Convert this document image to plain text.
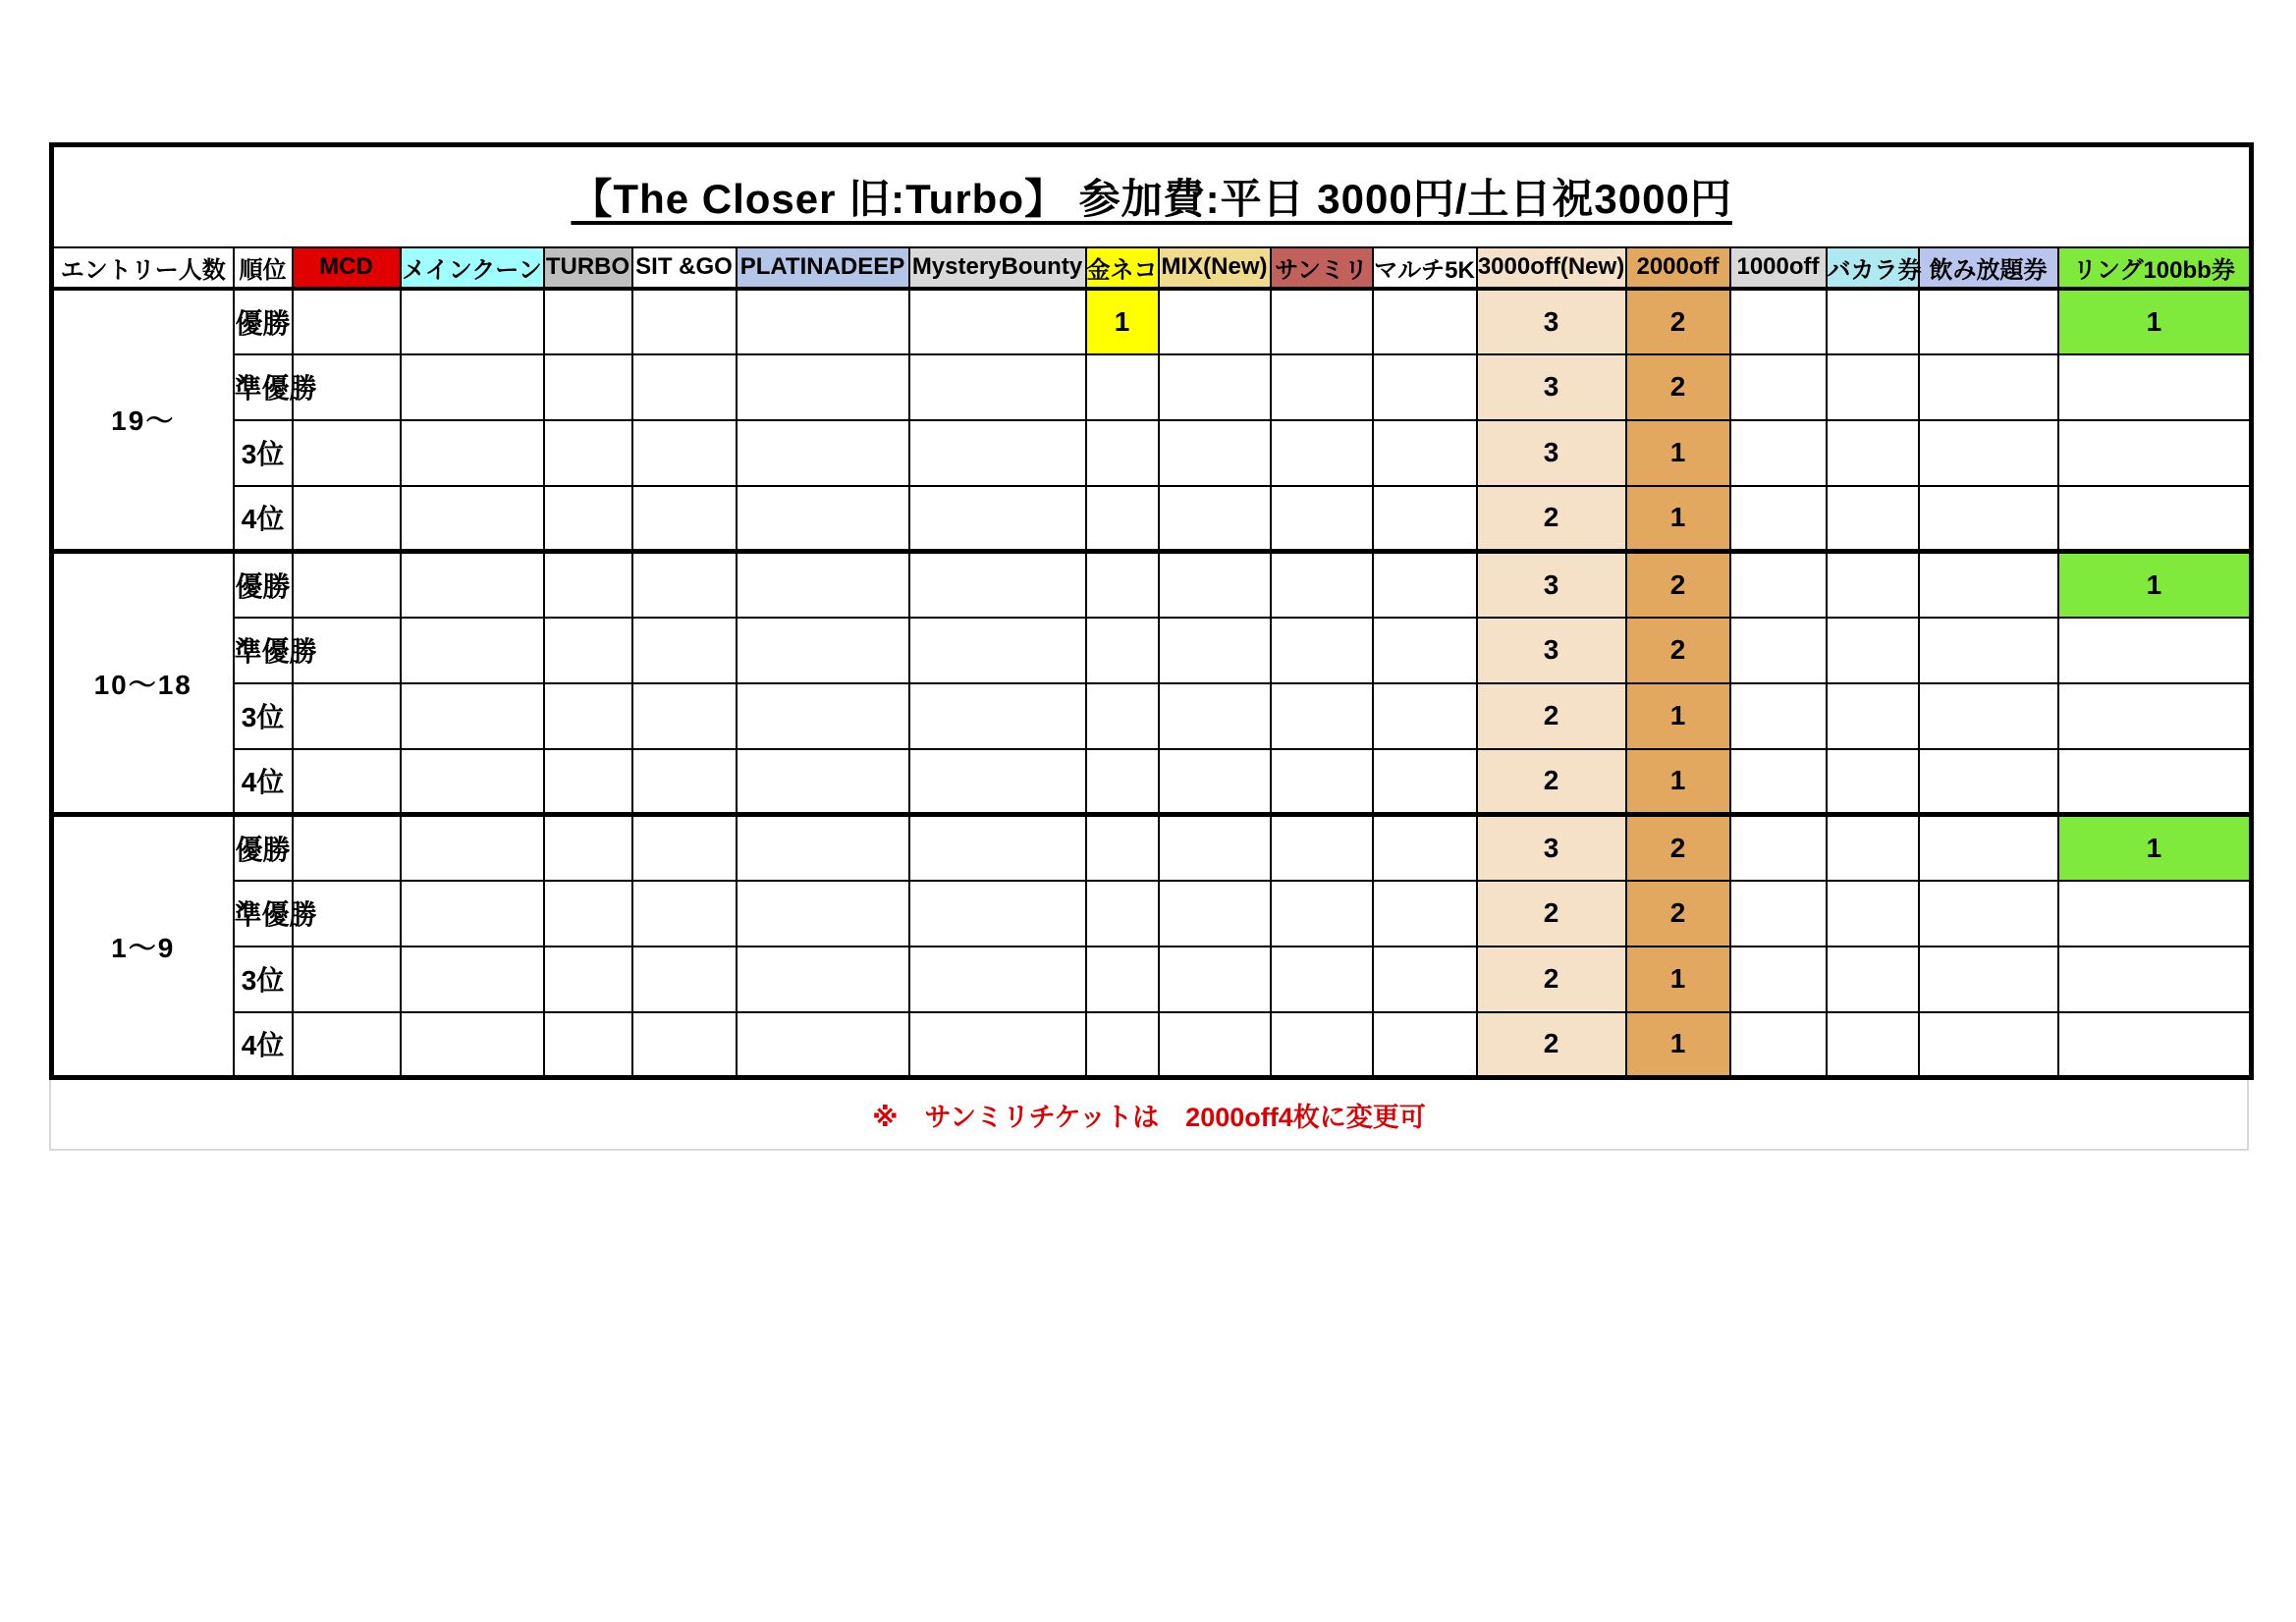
【The Closer 旧:Turbo】 参加費:平日 3000円/土日祝3000円																	
エントリー人数	順位	MCD	メインクーン	TURBO	SIT &GO	PLATINADEEP	MysteryBounty	金ネコ	MIX(New)	サンミリ	マルチ5K	3000off(New)	2000off	1000off	バカラ券	飲み放題券	リング100bb券
19〜	優勝							1				3	2				1
	準優勝											3	2				
	3位											3	1				
	4位											2	1				
10〜18	優勝											3	2				1
	準優勝											3	2				
	3位											2	1				
	4位											2	1				
1〜9	優勝											3	2				1
	準優勝											2	2				
	3位											2	1				
	4位											2	1				
※　サンミリチケットは　2000off4枚に変更可
